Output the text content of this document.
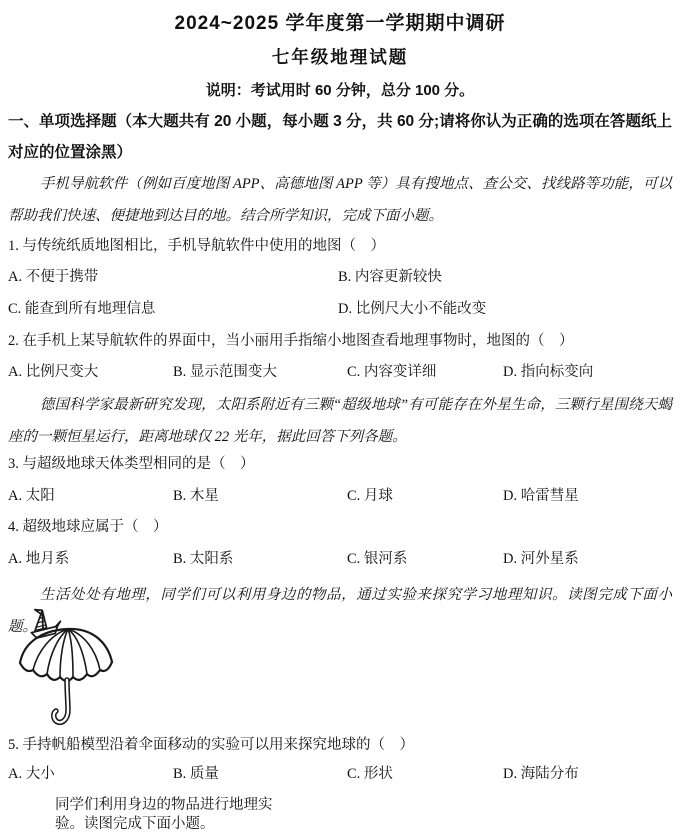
2024~2025 学年度第一学期期中调研
七年级地理试题
说明：考试用时 60 分钟，总分 100 分。
一、单项选择题（本大题共有 20 小题，每小题 3 分，共 60 分;请将你认为正确的选项在答题纸上对应的位置涂黑）
手机导航软件（例如百度地图 APP、高德地图 APP 等）具有搜地点、查公交、找线路等功能，可以帮助我们快速、便捷地到达目的地。结合所学知识，完成下面小题。
1. 与传统纸质地图相比，手机导航软件中使用的地图（　）
A. 不便于携带	B. 内容更新较快
C. 能查到所有地理信息	D. 比例尺大小不能改变
2. 在手机上某导航软件的界面中，当小丽用手指缩小地图查看地理事物时，地图的（　）
A. 比例尺变大	B. 显示范围变大	C. 内容变详细	D. 指向标变向
德国科学家最新研究发现，太阳系附近有三颗“超级地球”有可能存在外星生命，三颗行星围绕天蝎座的一颗恒星运行，距离地球仅 22 光年，据此回答下列各题。
3. 与超级地球天体类型相同的是（　）
A. 太阳	B. 木星	C. 月球	D. 哈雷彗星
4. 超级地球应属于（　）
A. 地月系	B. 太阳系	C. 银河系	D. 河外星系
生活处处有地理，同学们可以利用身边的物品，通过实验来探究学习地理知识。读图完成下面小题。
5. 手持帆船模型沿着伞面移动的实验可以用来探究地球的（　）
A. 大小	B. 质量	C. 形状	D. 海陆分布
同学们利用身边的物品进行地理实验。读图完成下面小题。
